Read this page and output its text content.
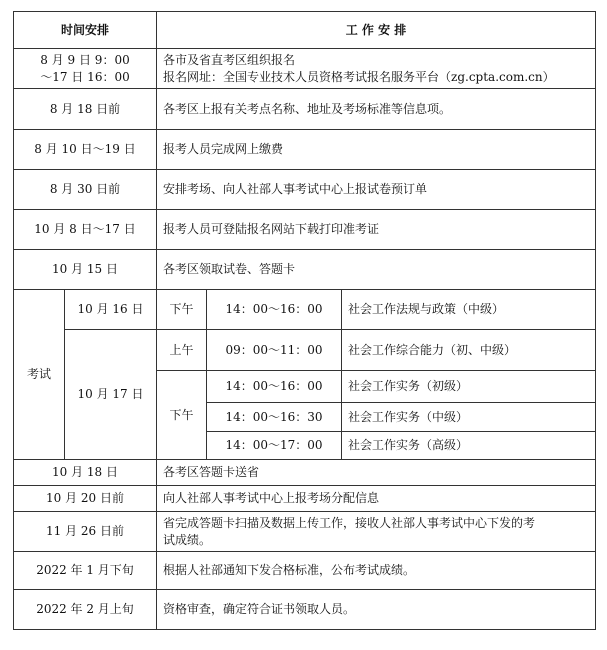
时间安排		工 作 安 排		

8 月 9 日 9：00
～17 日 16：00		各市及省直考区组织报名
报名网址：全国专业技术人员资格考试报名服务平台（zg.cpta.com.cn）		

8 月 18 日前		各考区上报有关考点名称、地址及考场标准等信息项。		
8 月 10 日～19 日		报考人员完成网上缴费		
8 月 30 日前		安排考场、向人社部人事考试中心上报试卷预订单		
10 月 8 日～17 日		报考人员可登陆报名网站下载打印准考证		
10 月 15 日		各考区领取试卷、答题卡		
考试	10 月 16 日	下午	14：00～16：00	社会工作法规与政策（中级）
	10 月 17 日	上午	09：00～11：00	社会工作综合能力（初、中级）
		下午	14：00～16：00	社会工作实务（初级）
			14：00～16：30	社会工作实务（中级）
			14：00～17：00	社会工作实务（高级）
10 月 18 日		各考区答题卡送省		
10 月 20 日前		向人社部人事考试中心上报考场分配信息		
11 月 26 日前		省完成答题卡扫描及数据上传工作，接收人社部人事考试中心下发的考
试成绩。		

2022 年 1 月下旬		根据人社部通知下发合格标准，公布考试成绩。		
2022 年 2 月上旬		资格审查，确定符合证书领取人员。		
